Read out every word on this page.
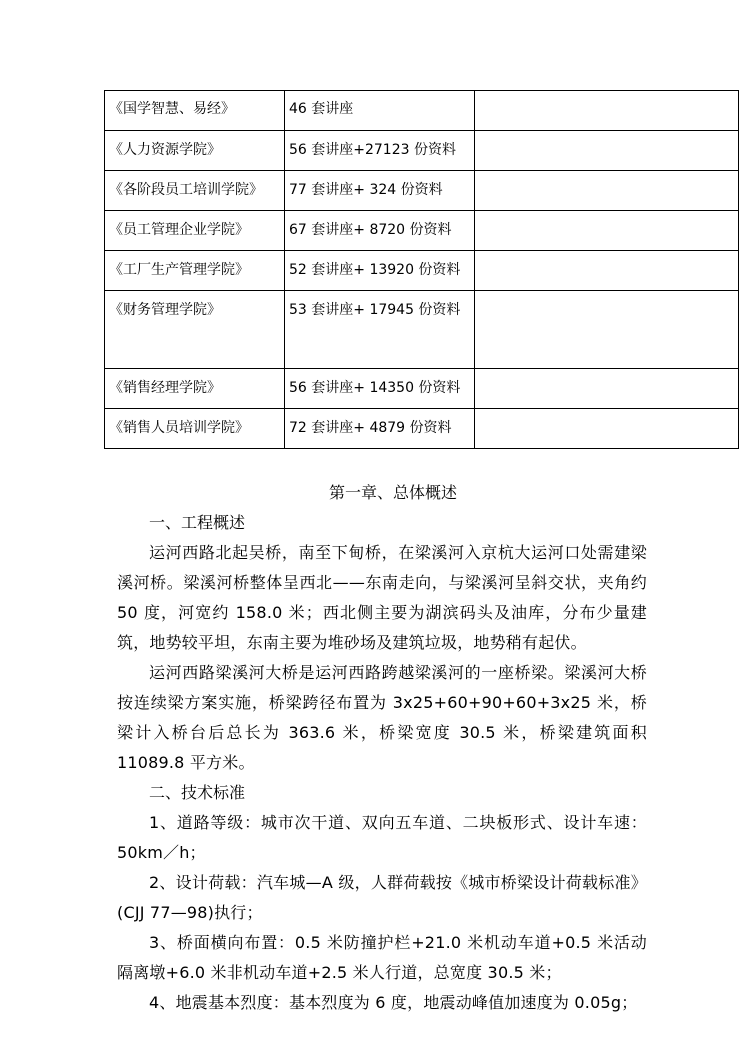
《国学智慧、易经》	46 套讲座	

《人力资源学院》	56 套讲座+27123 份资料	

《各阶段员工培训学院》	77 套讲座+ 324 份资料	

《员工管理企业学院》	67 套讲座+ 8720 份资料	

《工厂生产管理学院》	52 套讲座+ 13920 份资料	

《财务管理学院》	53 套讲座+ 17945 份资料	

《销售经理学院》	56 套讲座+ 14350 份资料	

《销售人员培训学院》	72 套讲座+ 4879 份资料	

第一章、总体概述
一、工程概述

运河西路北起吴桥，南至下甸桥，在梁溪河入京杭大运河口处需建梁溪河桥。梁溪河桥整体呈西北——东南走向，与梁溪河呈斜交状，夹角约 50 度，河宽约 158.0 米；西北侧主要为湖滨码头及油库，分布少量建筑，地势较平坦，东南主要为堆砂场及建筑垃圾，地势稍有起伏。

运河西路梁溪河大桥是运河西路跨越梁溪河的一座桥梁。梁溪河大桥按连续梁方案实施，桥梁跨径布置为 3x25+60+90+60+3x25 米，桥梁计入桥台后总长为 363.6 米，桥梁宽度 30.5 米，桥梁建筑面积 11089.8 平方米。

二、技术标准

1、道路等级：城市次干道、双向五车道、二块板形式、设计车速：50km／h；

2、设计荷载：汽车城—A 级，人群荷载按《城市桥梁设计荷载标准》(CJJ 77—98)执行；

3、桥面横向布置：0.5 米防撞护栏+21.0 米机动车道+0.5 米活动隔离墩+6.0 米非机动车道+2.5 米人行道，总宽度 30.5 米；

4、地震基本烈度：基本烈度为 6 度，地震动峰值加速度为 0.05g；
